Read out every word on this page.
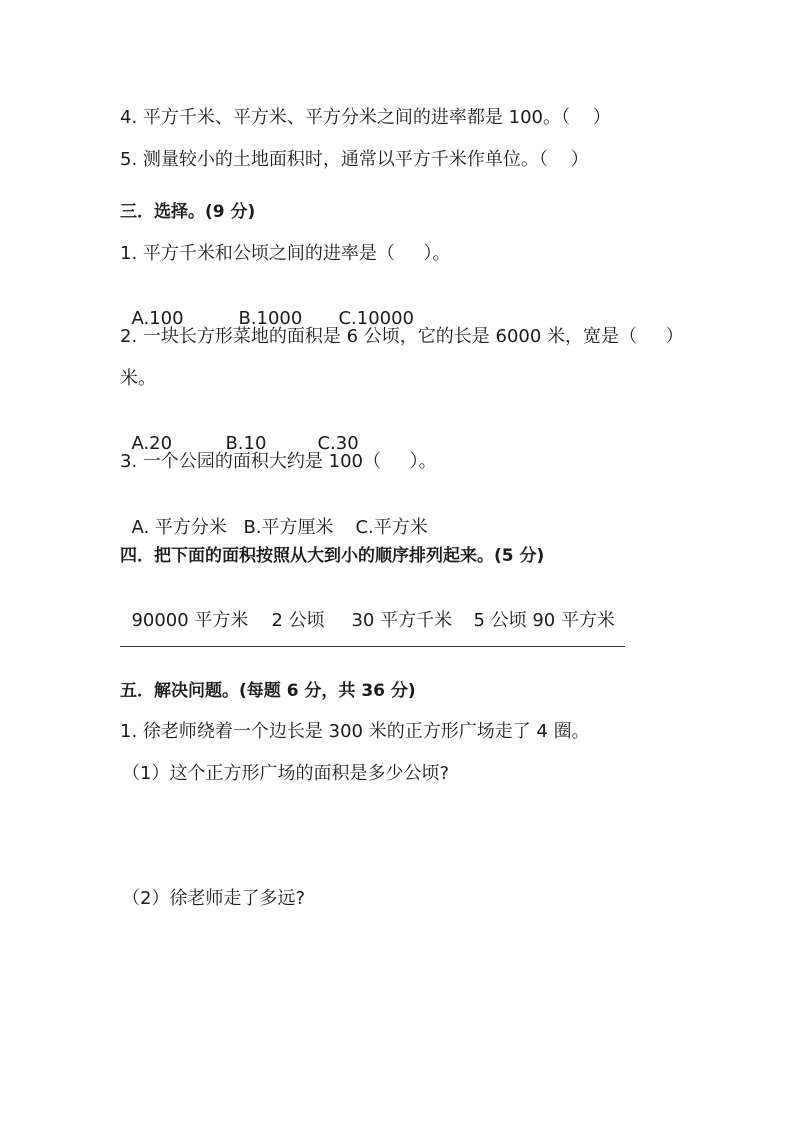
4. 平方千米、平方米、平方分米之间的进率都是 100。（    ）
5. 测量较小的土地面积时，通常以平方千米作单位。（    ）
三．选择。(9 分)
1. 平方千米和公顷之间的进率是（     ）。

A.100	B.1000 C.10000

2. 一块长方形菜地的面积是 6 公顷，它的长是 6000 米，宽是（     ）
米。

A.20	B.10	C.30

3. 一个公园的面积大约是 100（     ）。

A. 平方分米 B.平方厘米 C.平方米

四．把下面的面积按照从大到小的顺序排列起来。(5 分)

90000 平方米 2 公顷 30 平方千米 5 公顷 90 平方米

五．解决问题。(每题 6 分，共 36 分)
1. 徐老师绕着一个边长是 300 米的正方形广场走了 4 圈。
（1）这个正方形广场的面积是多少公顷?
（2）徐老师走了多远?
